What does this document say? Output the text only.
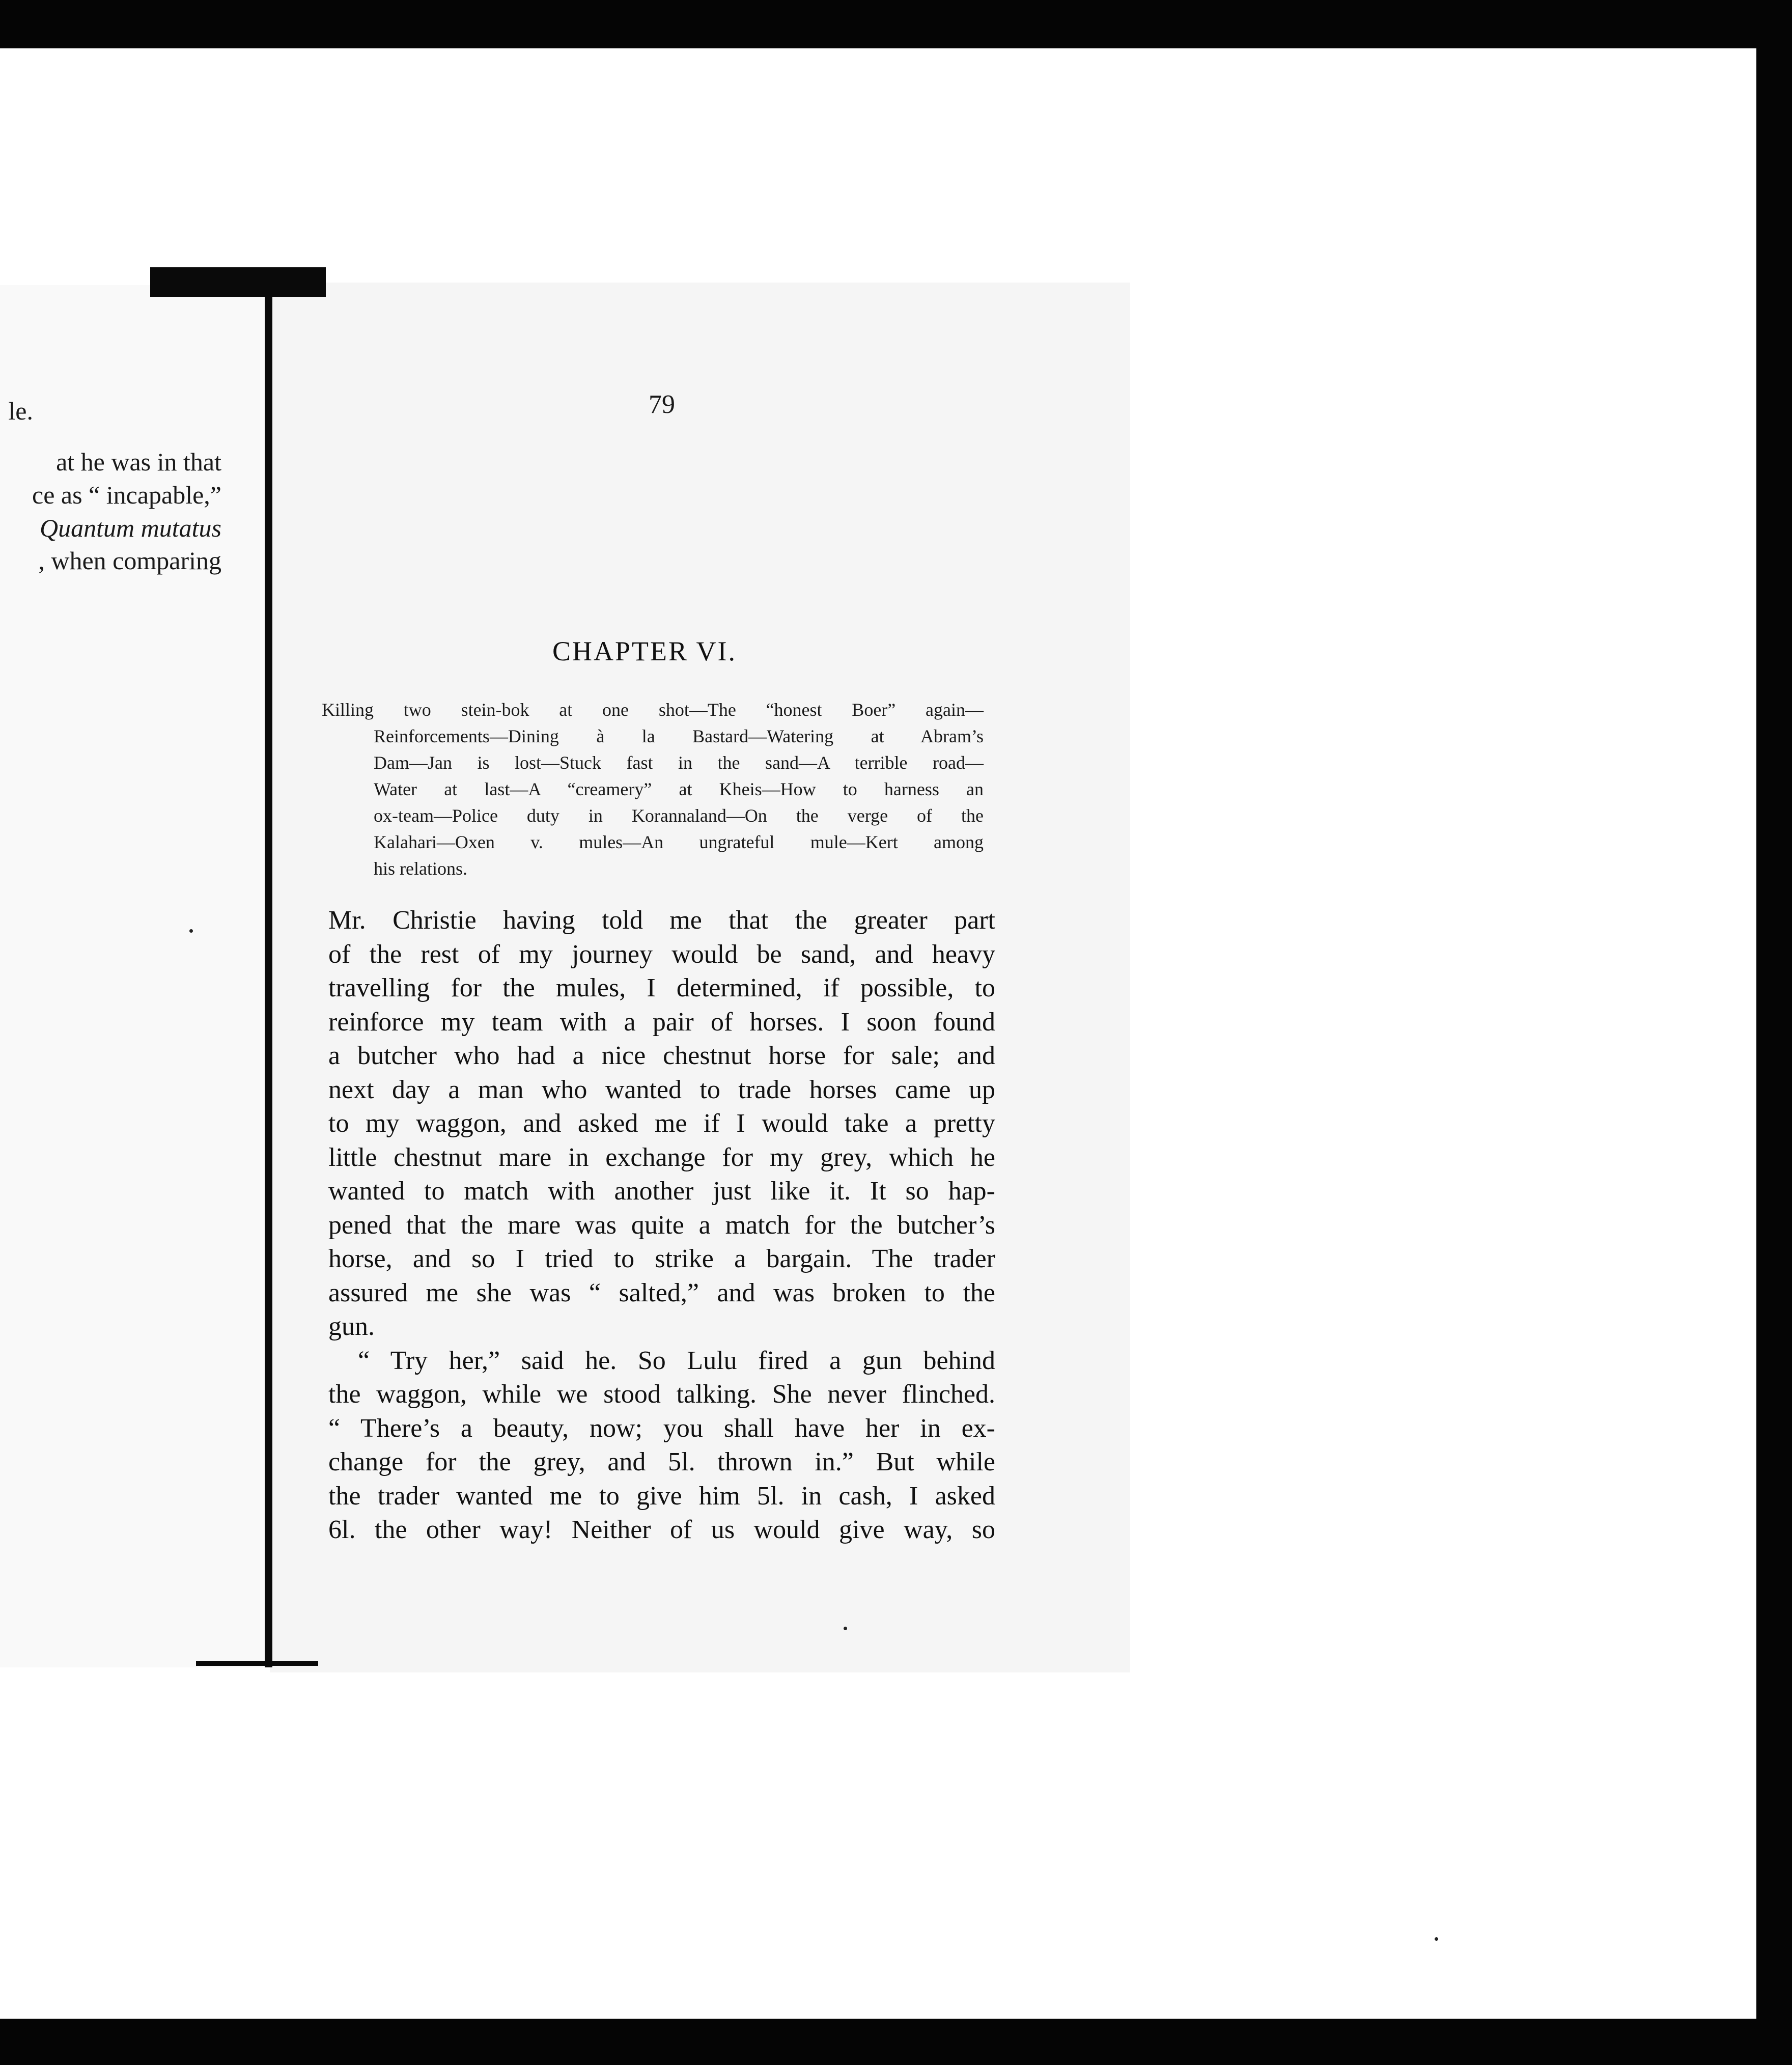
le.
at he was in that
ce as “ incapable,”
Quantum mutatus
, when comparing
79
CHAPTER VI.
Killing two stein-bok at one shot—The “honest Boer” again—
Reinforcements—Dining à la Bastard—Watering at Abram’s
Dam—Jan is lost—Stuck fast in the sand—A terrible road—
Water at last—A “creamery” at Kheis—How to harness an
ox-team—Police duty in Korannaland—On the verge of the
Kalahari—Oxen v. mules—An ungrateful mule—Kert among
his relations.
Mr. Christie having told me that the greater part
of the rest of my journey would be sand, and heavy
travelling for the mules, I determined, if possible, to
reinforce my team with a pair of horses. I soon found
a butcher who had a nice chestnut horse for sale; and
next day a man who wanted to trade horses came up
to my waggon, and asked me if I would take a pretty
little chestnut mare in exchange for my grey, which he
wanted to match with another just like it. It so hap-
pened that the mare was quite a match for the butcher’s
horse, and so I tried to strike a bargain. The trader
assured me she was “ salted,” and was broken to the
gun.
“ Try her,” said he. So Lulu fired a gun behind
the waggon, while we stood talking. She never flinched.
“ There’s a beauty, now; you shall have her in ex-
change for the grey, and 5l. thrown in.” But while
the trader wanted me to give him 5l. in cash, I asked
6l. the other way! Neither of us would give way, so
